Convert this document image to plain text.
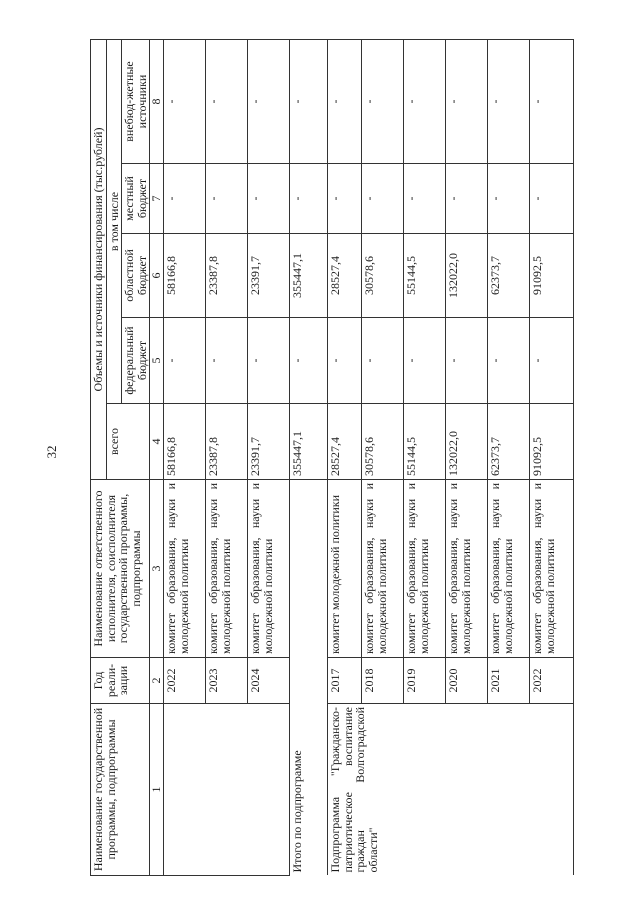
32
Наименование государственной программы, подпрограммы	Год реали-зации	Наименование ответственного исполнителя, соисполнителя государственной программы, подпрограммы	Объемы и источники финансирования (тыс.рублей)				
			всего	в том числе			
				федеральный бюджет	областной бюджет	местный бюджет	внебюд-жетные источники
1	2	3	4	5	6	7	8
	2022	комитет образования, науки и молодежной политики	58166,8	-	58166,8	-	-
	2023	комитет образования, науки и молодежной политики	23387,8	-	23387,8	-	-
	2024	комитет образования, науки и молодежной политики	23391,7	-	23391,7	-	-
Итого по подпрограмме			355447,1	-	355447,1	-	-
Подпрограмма "Гражданско-патриотическое воспитание граждан Волгоградской области"	2017	комитет молодежной политики	28527,4	-	28527,4	-	-
	2018	комитет образования, науки и молодежной политики	30578,6	-	30578,6	-	-
	2019	комитет образования, науки и молодежной политики	55144,5	-	55144,5	-	-
	2020	комитет образования, науки и молодежной политики	132022,0	-	132022,0	-	-
	2021	комитет образования, науки и молодежной политики	62373,7	-	62373,7	-	-
	2022	комитет образования, науки и молодежной политики	91092,5	-	91092,5	-	-
